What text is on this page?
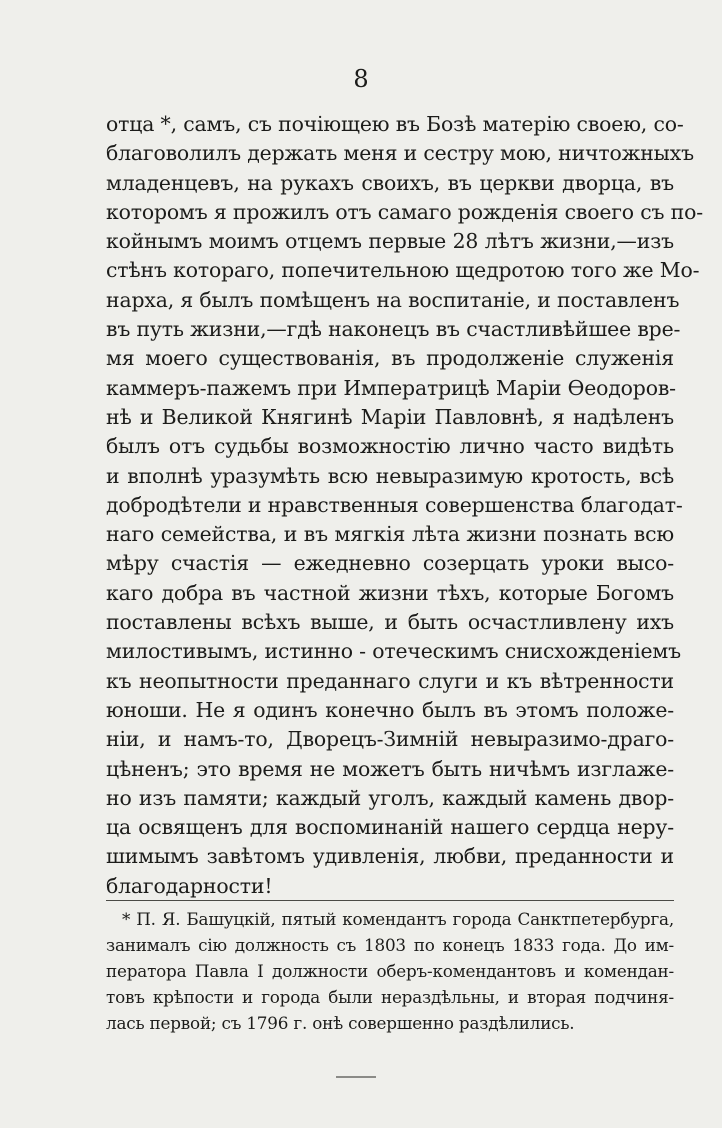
8
отца *, самъ, съ почіющею въ Бозѣ матерію своею, со-
благоволилъ держать меня и сестру мою, ничтожныхъ
младенцевъ, на рукахъ своихъ, въ церкви дворца, въ
которомъ я прожилъ отъ самаго рожденія своего съ по-
койнымъ моимъ отцемъ первые 28 лѣтъ жизни,—изъ
стѣнъ котораго, попечительною щедротою того же Мо-
нарха, я былъ помѣщенъ на воспитаніе, и поставленъ
въ путь жизни,—гдѣ наконецъ въ счастливѣйшее вре-
мя моего существованія, въ продолженіе служенія
каммеръ-пажемъ при Императрицѣ Маріи Ѳеодоров-
нѣ и Великой Княгинѣ Маріи Павловнѣ, я надѣленъ
былъ отъ судьбы возможностію лично часто видѣть
и вполнѣ уразумѣть всю невыразимую кротость, всѣ
добродѣтели и нравственныя совершенства благодат-
наго семейства, и въ мягкія лѣта жизни познать всю
мѣру счастія — ежедневно созерцать уроки высо-
каго добра въ частной жизни тѣхъ, которые Богомъ
поставлены всѣхъ выше, и быть осчастливлену ихъ
милостивымъ, истинно - отеческимъ снисхожденіемъ
къ неопытности преданнаго слуги и къ вѣтренности
юноши. Не я одинъ конечно былъ въ этомъ положе-
ніи, и намъ-то, Дворецъ-Зимній невыразимо-драго-
цѣненъ; это время не можетъ быть ничѣмъ изглаже-
но изъ памяти; каждый уголъ, каждый камень двор-
ца освященъ для воспоминаній нашего сердца неру-
шимымъ завѣтомъ удивленія, любви, преданности и
благодарности!
* П. Я. Башуцкій, пятый комендантъ города Санктпетербурга,
занималъ сію должность съ 1803 по конецъ 1833 года. До им-
ператора Павла I должности оберъ-комендантовъ и комендан-
товъ крѣпости и города были нераздѣльны, и вторая подчиня-
лась первой; съ 1796 г. онѣ совершенно раздѣлились.
